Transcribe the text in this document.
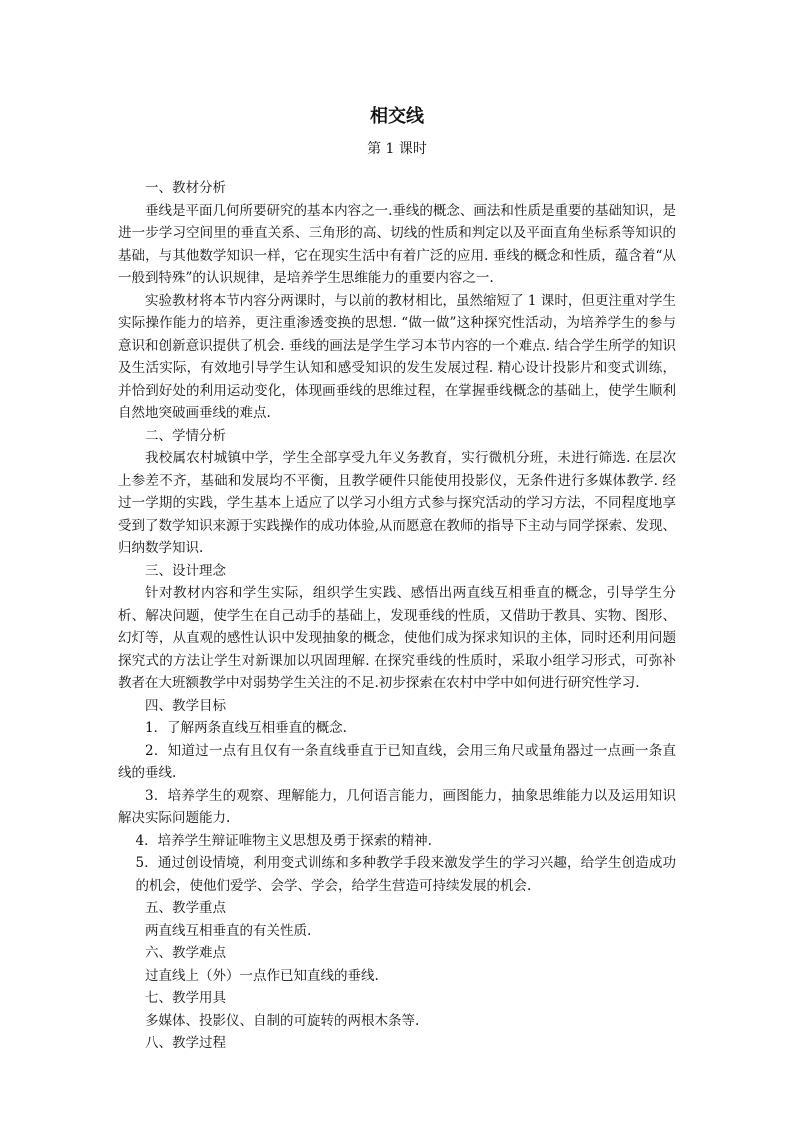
相交线

第 1 课时

一、教材分析

垂线是平面几何所要研究的基本内容之一.垂线的概念、画法和性质是重要的基础知识，是进一步学习空间里的垂直关系、三角形的高、切线的性质和判定以及平面直角坐标系等知识的基础，与其他数学知识一样，它在现实生活中有着广泛的应用. 垂线的概念和性质，蕴含着“从一般到特殊”的认识规律，是培养学生思维能力的重要内容之一.

实验教材将本节内容分两课时，与以前的教材相比，虽然缩短了 1 课时，但更注重对学生实际操作能力的培养，更注重渗透变换的思想. “做一做”这种探究性活动，为培养学生的参与意识和创新意识提供了机会. 垂线的画法是学生学习本节内容的一个难点. 结合学生所学的知识及生活实际，有效地引导学生认知和感受知识的发生发展过程. 精心设计投影片和变式训练，并恰到好处的利用运动变化，体现画垂线的思维过程，在掌握垂线概念的基础上，使学生顺利自然地突破画垂线的难点.

二、学情分析

我校属农村城镇中学，学生全部享受九年义务教育，实行微机分班，未进行筛选. 在层次上参差不齐，基础和发展均不平衡，且教学硬件只能使用投影仪，无条件进行多媒体教学. 经过一学期的实践，学生基本上适应了以学习小组方式参与探究活动的学习方法，不同程度地享受到了数学知识来源于实践操作的成功体验,从而愿意在教师的指导下主动与同学探索、发现、归纳数学知识.

三、设计理念

针对教材内容和学生实际，组织学生实践、感悟出两直线互相垂直的概念，引导学生分析、解决问题，使学生在自己动手的基础上，发现垂线的性质，又借助于教具、实物、图形、幻灯等，从直观的感性认识中发现抽象的概念，使他们成为探求知识的主体，同时还利用问题探究式的方法让学生对新课加以巩固理解. 在探究垂线的性质时，采取小组学习形式，可弥补教者在大班额教学中对弱势学生关注的不足.初步探索在农村中学中如何进行研究性学习.

四、教学目标

1．了解两条直线互相垂直的概念.

2．知道过一点有且仅有一条直线垂直于已知直线，会用三角尺或量角器过一点画一条直线的垂线.

3．培养学生的观察、理解能力，几何语言能力，画图能力，抽象思维能力以及运用知识解决实际问题能力.

4．培养学生辩证唯物主义思想及勇于探索的精神.

5．通过创设情境，利用变式训练和多种教学手段来激发学生的学习兴趣，给学生创造成功的机会，使他们爱学、会学、学会，给学生营造可持续发展的机会.

五、教学重点

两直线互相垂直的有关性质.

六、教学难点

过直线上（外）一点作已知直线的垂线.

七、教学用具

多媒体、投影仪、自制的可旋转的两根木条等.

八、教学过程
